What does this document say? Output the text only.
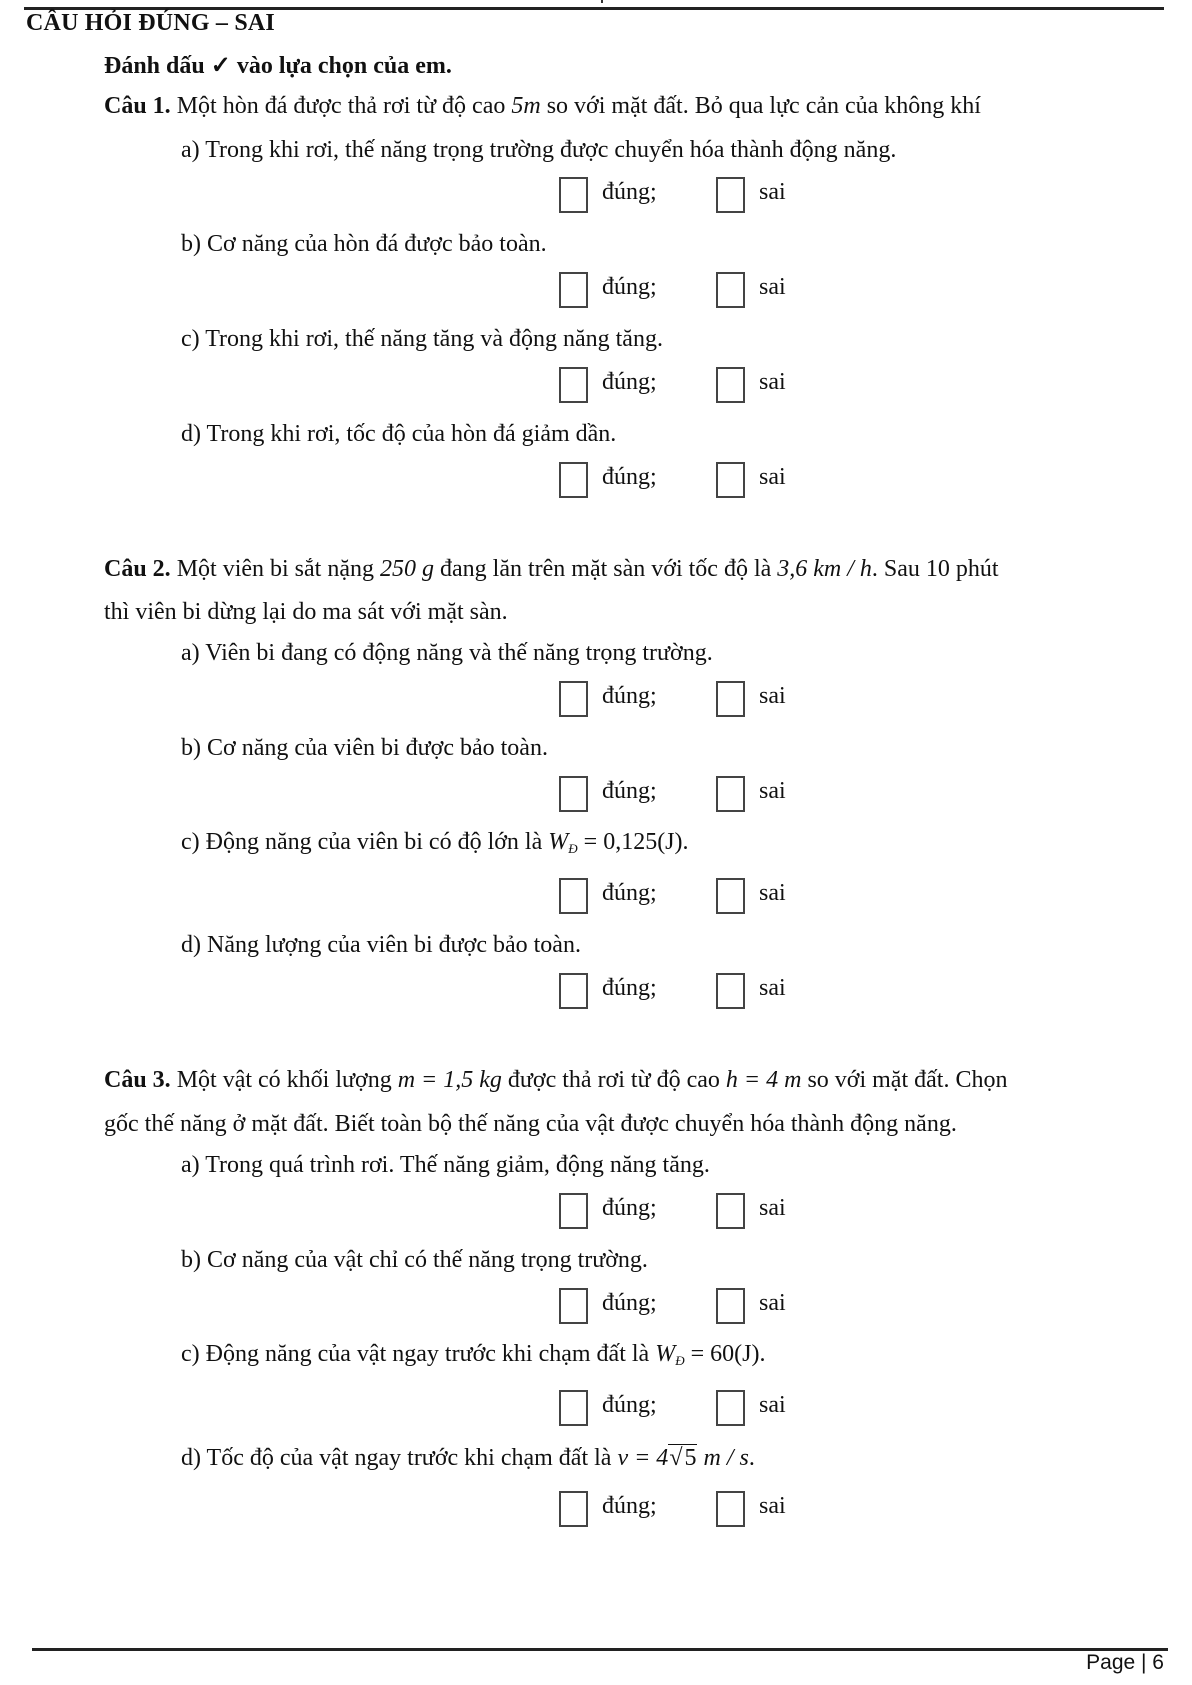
CÂU HỎI ĐÚNG – SAI
Đánh dấu ✓ vào lựa chọn của em.
Câu 1. Một hòn đá được thả rơi từ độ cao 5m so với mặt đất. Bỏ qua lực cản của không khí
a) Trong khi rơi, thế năng trọng trường được chuyển hóa thành động năng.
đúng;	sai
b) Cơ năng của hòn đá được bảo toàn.
đúng;	sai
c) Trong khi rơi, thế năng tăng và động năng tăng.
đúng;	sai
d) Trong khi rơi, tốc độ của hòn đá giảm dần.
đúng;	sai
Câu 2. Một viên bi sắt nặng 250 g đang lăn trên mặt sàn với tốc độ là 3,6 km / h. Sau 10 phút
thì viên bi dừng lại do ma sát với mặt sàn.
a) Viên bi đang có động năng và thế năng trọng trường.
đúng;	sai
b) Cơ năng của viên bi được bảo toàn.
đúng;	sai
c) Động năng của viên bi có độ lớn là $W_Đ = 0,125(J)$.
đúng;	sai
d) Năng lượng của viên bi được bảo toàn.
đúng;	sai
Câu 3. Một vật có khối lượng m = 1,5 kg được thả rơi từ độ cao h = 4 m so với mặt đất. Chọn
gốc thế năng ở mặt đất. Biết toàn bộ thế năng của vật được chuyển hóa thành động năng.
a) Trong quá trình rơi. Thế năng giảm, động năng tăng.
đúng;	sai
b) Cơ năng của vật chỉ có thế năng trọng trường.
đúng;	sai
c) Động năng của vật ngay trước khi chạm đất là $W_Đ = 60(J)$.
đúng;	sai
d) Tốc độ của vật ngay trước khi chạm đất là v = 4√5 m / s.
đúng;	sai
Page | 6
